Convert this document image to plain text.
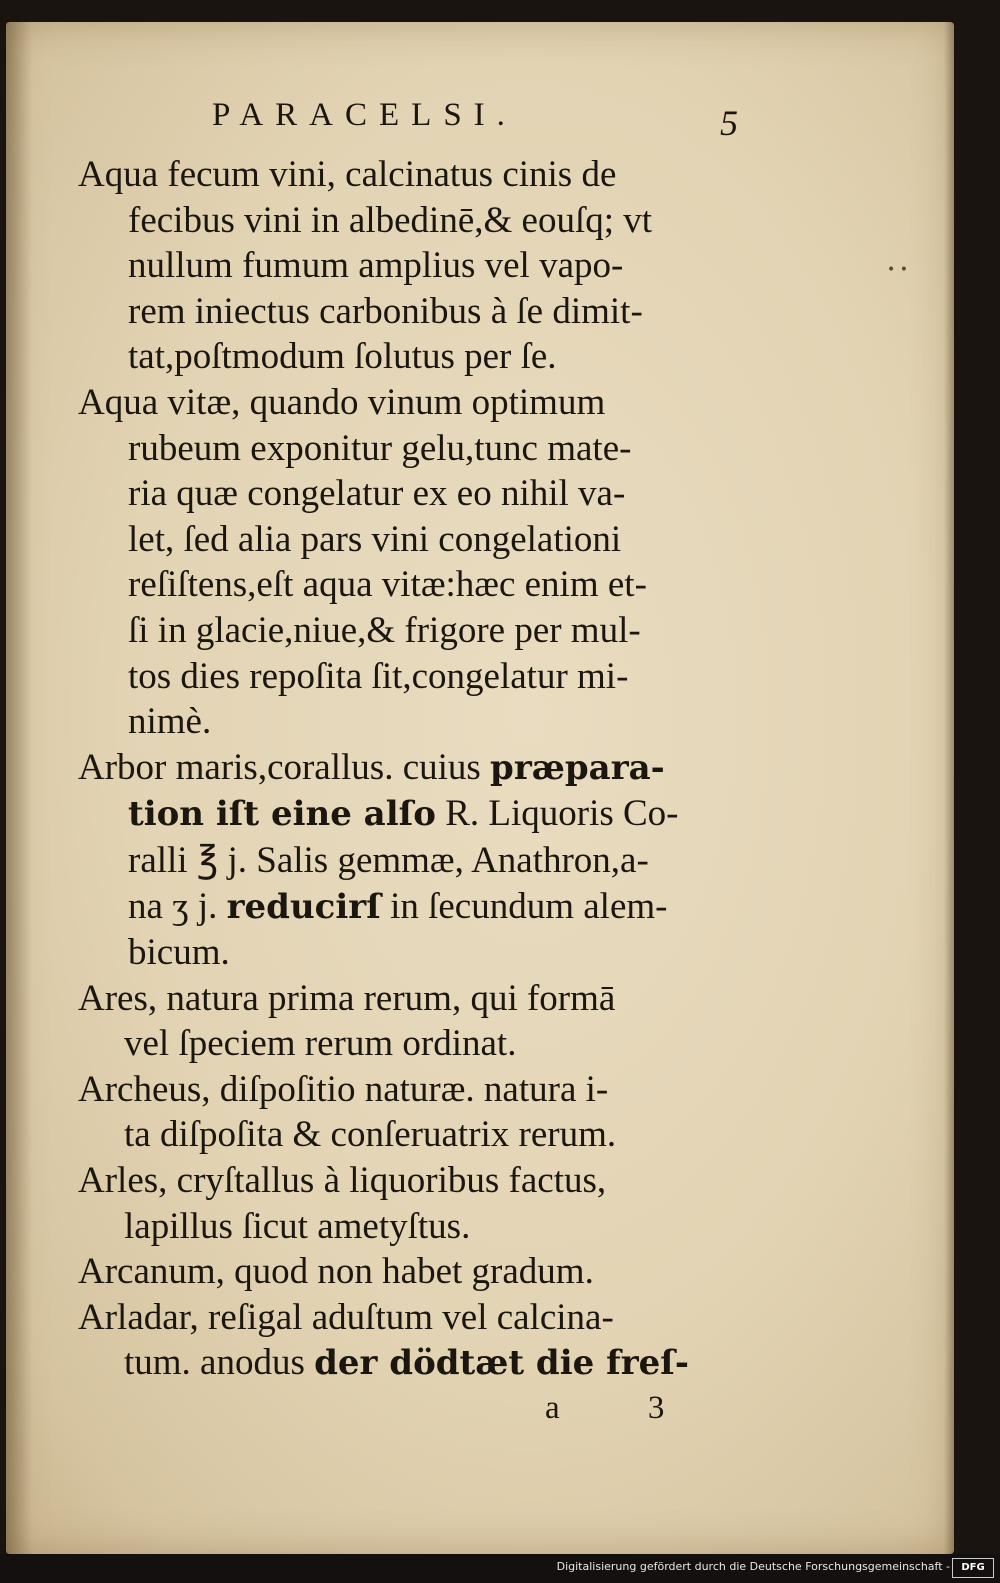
PARACELSI.	5
• •

Aqua fecum vini, calcinatus cinis de
fecibus vini in albedinē,& eouſq; vt
nullum fumum amplius vel vapo-
rem iniectus carbonibus à ſe dimit-
tat,poſtmodum ſolutus per ſe.

Aqua vitæ, quando vinum optimum
rubeum exponitur gelu,tunc mate-
ria quæ congelatur ex eo nihil va-
let, ſed alia pars vini congelationi
reſiſtens,eſt aqua vitæ:hæc enim et-
ſi in glacie,niue,& frigore per mul-
tos dies repoſita ſit,congelatur mi-
nimè.

Arbor maris,corallus. cuius præpara-
tion iſt eine alſo R. Liquoris Co-
ralli ℥ j. Salis gemmæ, Anathron,a-
na ʒ j. reducirſ in ſecundum alem-
bicum.

Ares, natura prima rerum, qui formā
vel ſpeciem rerum ordinat.

Archeus, diſpoſitio naturæ. natura i-
ta diſpoſita & conſeruatrix rerum.

Arles, cryſtallus à liquoribus factus,
lapillus ſicut ametyſtus.

Arcanum, quod non habet gradum.

Arladar, reſigal aduſtum vel calcina-
tum. anodus der dödtæt die freſ-

a 3
Digitalisierung gefördert durch die Deutsche Forschungsgemeinschaft -	DFG
